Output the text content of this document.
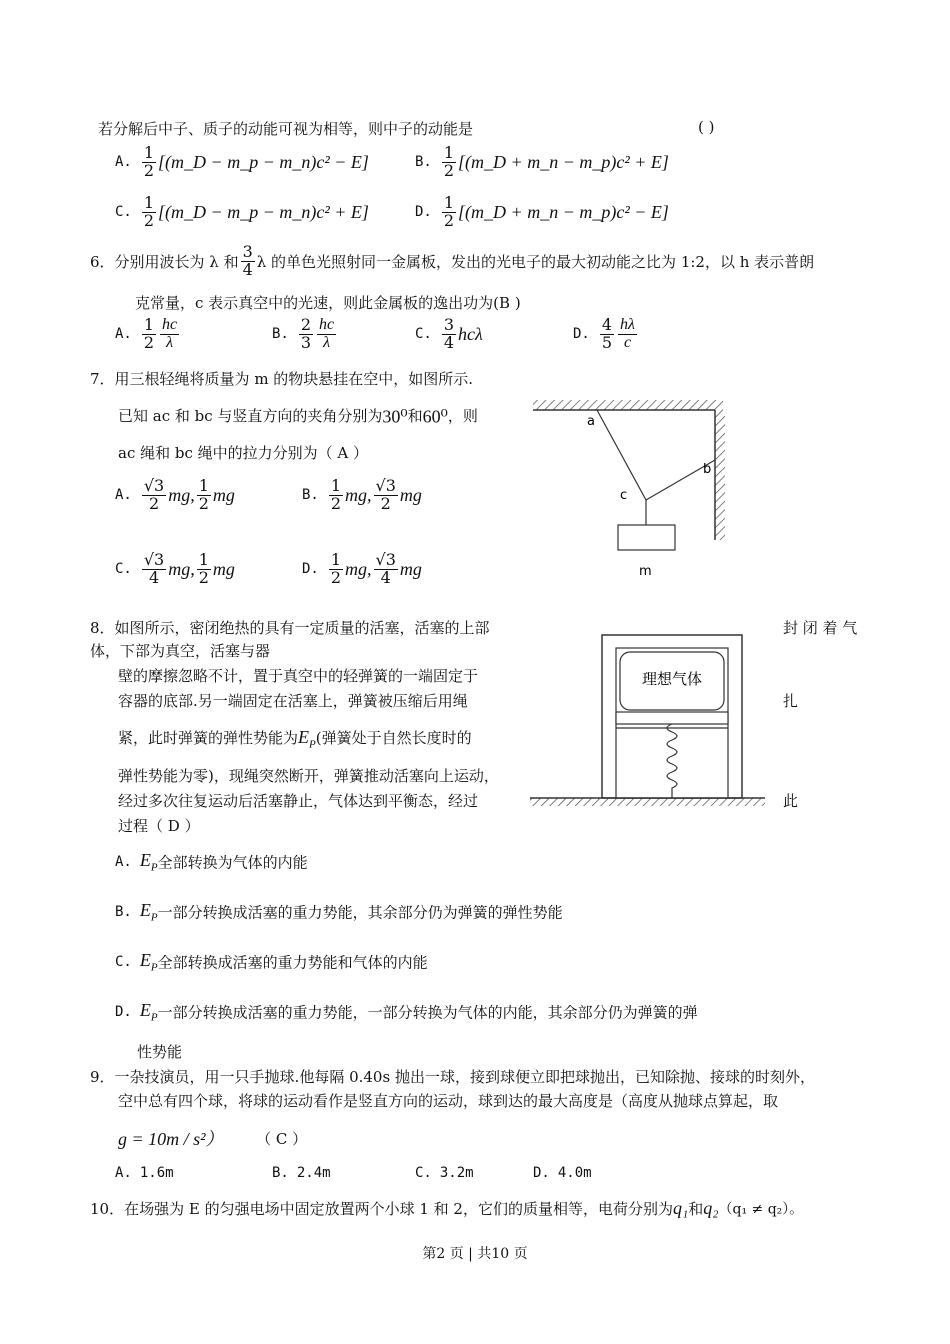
若分解后中子、质子的动能可视为相等，则中子的动能是	( )
A. $\frac{1}{2}$ [(m_D − m_p − m_n)c² − E]	B. $\frac{1}{2}$ [(m_D + m_n − m_p)c² + E]
C. $\frac{1}{2}$ [(m_D − m_p − m_n)c² + E]	D. $\frac{1}{2}$ [(m_D + m_n − m_p)c² − E]
6．分别用波长为 λ 和 $\frac{3}{4}$ λ 的单色光照射同一金属板，发出的光电子的最大初动能之比为 1:2，以 h 表示普朗
克常量，c 表示真空中的光速，则此金属板的逸出功为(B )
A. $\frac{1}{2} \frac{hc}{\lambda}$	B. $\frac{2}{3} \frac{hc}{\lambda}$	C. $\frac{3}{4}$ hcλ	D. $\frac{4}{5} \frac{h\lambda}{c}$
7．用三根轻绳将质量为 m 的物块悬挂在空中，如图所示.
已知 ac 和 bc 与竖直方向的夹角分别为30⁰和60⁰，则
ac 绳和 bc 绳中的拉力分别为（ A ）
A. $\frac{√3}{2}$ mg, $\frac{1}{2}$ mg	B. $\frac{1}{2}$ mg, $\frac{√3}{2}$ mg
C. $\frac{√3}{4}$ mg, $\frac{1}{2}$ mg	D. $\frac{1}{2}$ mg, $\frac{√3}{4}$ mg
a
b
c
m
8．如图所示，密闭绝热的具有一定质量的活塞，活塞的上部	封 闭 着 气
体，下部为真空，活塞与器
壁的摩擦忽略不计，置于真空中的轻弹簧的一端固定于
容器的底部.另一端固定在活塞上，弹簧被压缩后用绳	扎
紧，此时弹簧的弹性势能为$E_P$(弹簧处于自然长度时的
弹性势能为零)，现绳突然断开，弹簧推动活塞向上运动，
经过多次往复运动后活塞静止，气体达到平衡态，经过	此
过程（ D ）
理想气体
A. $E_P$全部转换为气体的内能
B. $E_P$一部分转换成活塞的重力势能，其余部分仍为弹簧的弹性势能
C. $E_P$全部转换成活塞的重力势能和气体的内能
D. $E_P$一部分转换成活塞的重力势能，一部分转换为气体的内能，其余部分仍为弹簧的弹
性势能
9．一杂技演员，用一只手抛球.他每隔 0.40s 抛出一球，接到球便立即把球抛出，已知除抛、接球的时刻外，
空中总有四个球，将球的运动看作是竖直方向的运动，球到达的最大高度是（高度从抛球点算起，取
g = 10m / s²）	（ C ）
A. 1.6m	B. 2.4m	C. 3.2m	D. 4.0m
10．在场强为 E 的匀强电场中固定放置两个小球 1 和 2，它们的质量相等，电荷分别为q₁和q₂（q₁ ≠ q₂）。
第2 页 | 共10 页
